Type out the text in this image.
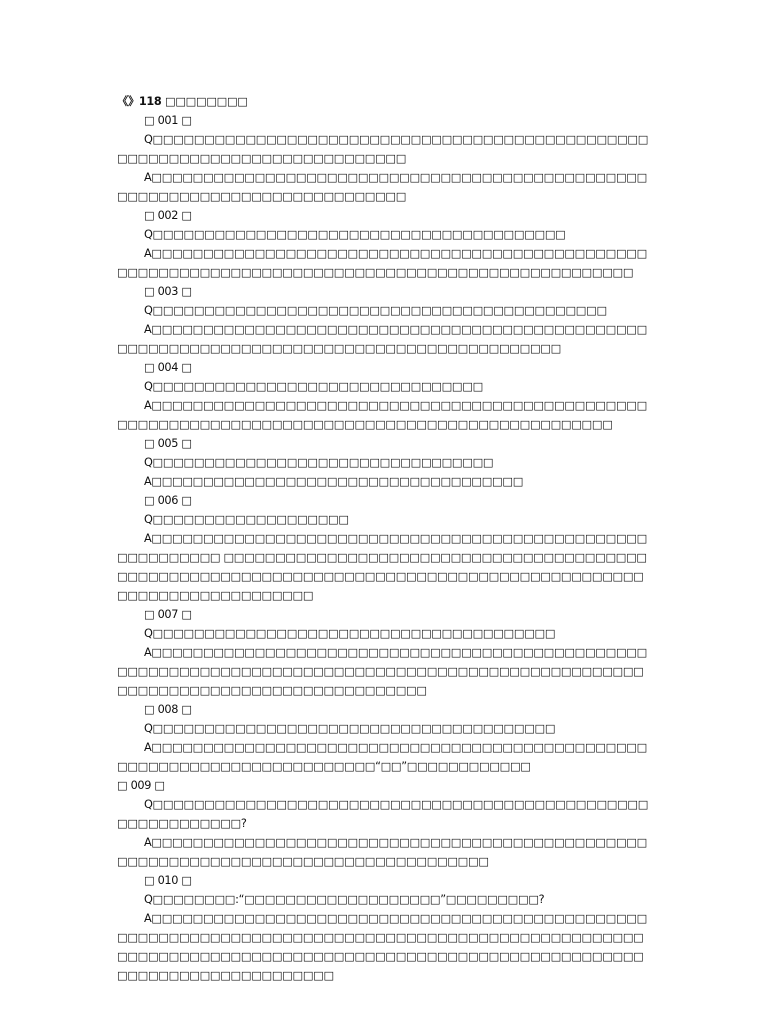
《》118 □□□□□□□□

□ 001 □

Q□□□□□□□□□□□□□□□□□□□□□□□□□□□□□□□□□□□□□□□□□□□□□□□□□□□□□□□□□□□□□□□□□□□□□□□□□□□□

A□□□□□□□□□□□□□□□□□□□□□□□□□□□□□□□□□□□□□□□□□□□□□□□□□□□□□□□□□□□□□□□□□□□□□□□□□□□□

□ 002 □

Q□□□□□□□□□□□□□□□□□□□□□□□□□□□□□□□□□□□□□□□□

A□□□□□□□□□□□□□□□□□□□□□□□□□□□□□□□□□□□□□□□□□□□□□□□□□□□□□□□□□□□□□□□□□□□□□□□□□□□□□□□□□□□□□□□□□□□□□□□□□□

□ 003 □

Q□□□□□□□□□□□□□□□□□□□□□□□□□□□□□□□□□□□□□□□□□□□□

A□□□□□□□□□□□□□□□□□□□□□□□□□□□□□□□□□□□□□□□□□□□□□□□□□□□□□□□□□□□□□□□□□□□□□□□□□□□□□□□□□□□□□□□□□□□

□ 004 □

Q□□□□□□□□□□□□□□□□□□□□□□□□□□□□□□□□

A□□□□□□□□□□□□□□□□□□□□□□□□□□□□□□□□□□□□□□□□□□□□□□□□□□□□□□□□□□□□□□□□□□□□□□□□□□□□□□□□□□□□□□□□□□□□□□□□

□ 005 □

Q□□□□□□□□□□□□□□□□□□□□□□□□□□□□□□□□□

A□□□□□□□□□□□□□□□□□□□□□□□□□□□□□□□□□□□□

□ 006 □

Q□□□□□□□□□□□□□□□□□□□

A□□□□□□□□□□□□□□□□□□□□□□□□□□□□□□□□□□□□□□□□□□□□□□□□□□□□□□□□□□ □□□□□□□□□□□□□□□□□□□□□□□□□□□□□□□□□□□□□□□□□□□□□□□□□□□□□□□□□□□□□□□□□□□□□□□□□□□□□□□□□□□□□□□□□□□□□□□□□□□□□□□□□□□□□□□

□ 007 □

Q□□□□□□□□□□□□□□□□□□□□□□□□□□□□□□□□□□□□□□□

A□□□□□□□□□□□□□□□□□□□□□□□□□□□□□□□□□□□□□□□□□□□□□□□□□□□□□□□□□□□□□□□□□□□□□□□□□□□□□□□□□□□□□□□□□□□□□□□□□□□□□□□□□□□□□□□□□□□□□□□□□□□□□□□□□

□ 008 □

Q□□□□□□□□□□□□□□□□□□□□□□□□□□□□□□□□□□□□□□□

A□□□□□□□□□□□□□□□□□□□□□□□□□□□□□□□□□□□□□□□□□□□□□□□□□□□□□□□□□□□□□□□□□□□□□□□□□“□□”□□□□□□□□□□□□

□ 009 □

Q□□□□□□□□□□□□□□□□□□□□□□□□□□□□□□□□□□□□□□□□□□□□□□□□□□□□□□□□□□□□?

A□□□□□□□□□□□□□□□□□□□□□□□□□□□□□□□□□□□□□□□□□□□□□□□□□□□□□□□□□□□□□□□□□□□□□□□□□□□□□□□□□□□□

□ 010 □

Q□□□□□□□□:“□□□□□□□□□□□□□□□□□□□”□□□□□□□□□?

A□□□□□□□□□□□□□□□□□□□□□□□□□□□□□□□□□□□□□□□□□□□□□□□□□□□□□□□□□□□□□□□□□□□□□□□□□□□□□□□□□□□□□□□□□□□□□□□□□□□□□□□□□□□□□□□□□□□□□□□□□□□□□□□□□□□□□□□□□□□□□□□□□□□□□□□□□□□□□□□□□□□□□□□□□□□
